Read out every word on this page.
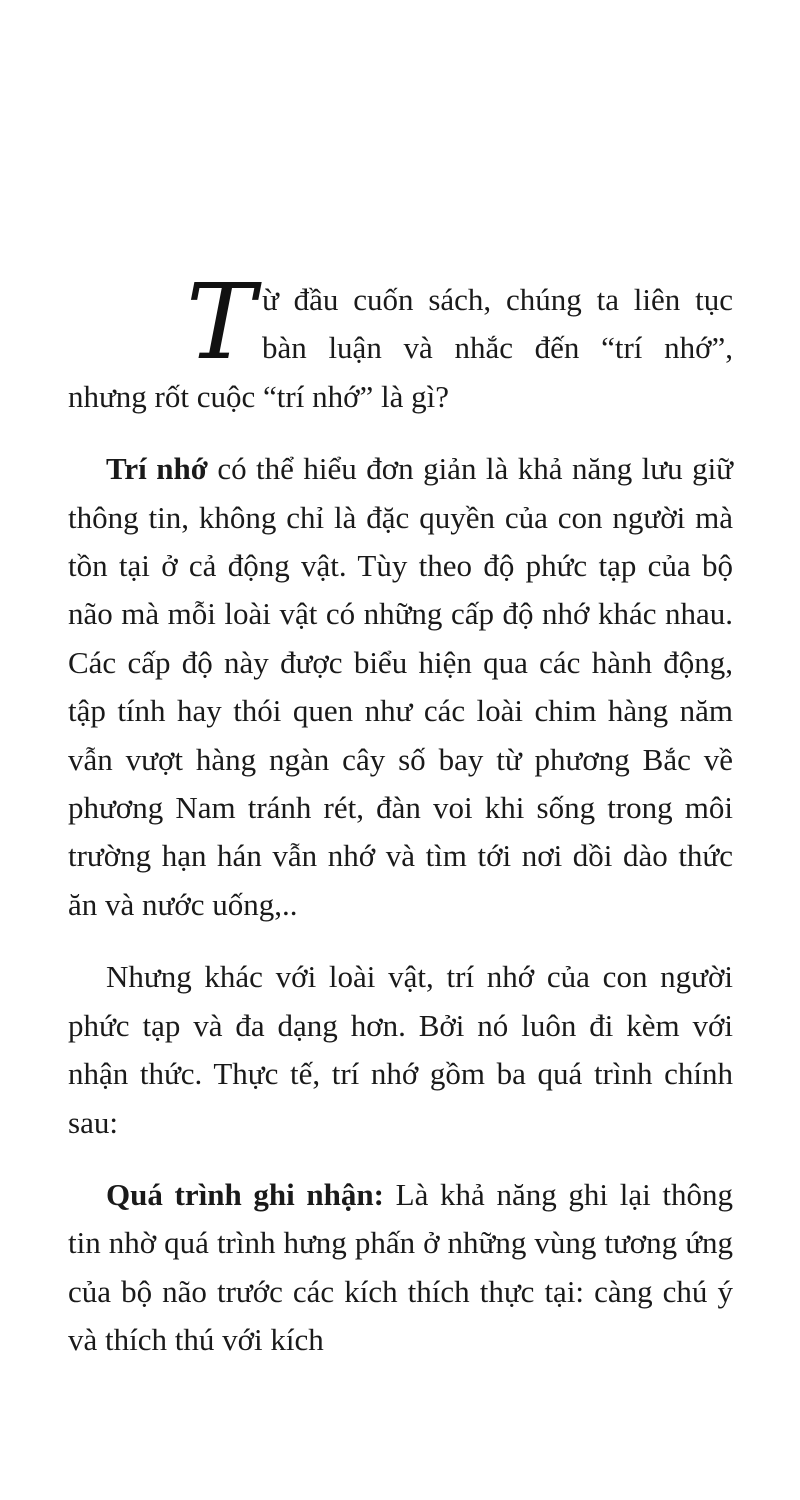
T ừ đầu cuốn sách, chúng ta liên tục bàn luận và nhắc đến “trí nhớ”, nhưng rốt cuộc “trí nhớ” là gì?

Trí nhớ có thể hiểu đơn giản là khả năng lưu giữ thông tin, không chỉ là đặc quyền của con người mà tồn tại ở cả động vật. Tùy theo độ phức tạp của bộ não mà mỗi loài vật có những cấp độ nhớ khác nhau. Các cấp độ này được biểu hiện qua các hành động, tập tính hay thói quen như các loài chim hàng năm vẫn vượt hàng ngàn cây số bay từ phương Bắc về phương Nam tránh rét, đàn voi khi sống trong môi trường hạn hán vẫn nhớ và tìm tới nơi dồi dào thức ăn và nước uống,..

Nhưng khác với loài vật, trí nhớ của con người phức tạp và đa dạng hơn. Bởi nó luôn đi kèm với nhận thức. Thực tế, trí nhớ gồm ba quá trình chính sau:

Quá trình ghi nhận: Là khả năng ghi lại thông tin nhờ quá trình hưng phấn ở những vùng tương ứng của bộ não trước các kích thích thực tại: càng chú ý và thích thú với kích
